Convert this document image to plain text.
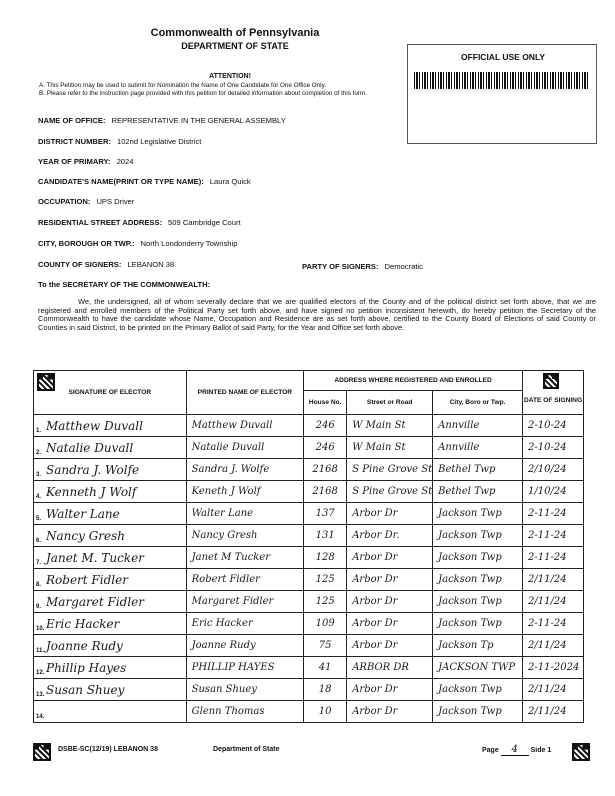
Commonwealth of Pennsylvania
DEPARTMENT OF STATE
OFFICIAL USE ONLY
ATTENTION!
A. This Petition may be used to submit for Nomination the Name of One Candidate for One Office Only.
B. Please refer to the instruction page provided with this petition for detailed information about completion of this form.
NAME OF OFFICE: REPRESENTATIVE IN THE GENERAL ASSEMBLY
DISTRICT NUMBER: 102nd Legislative District
YEAR OF PRIMARY: 2024
CANDIDATE'S NAME(PRINT OR TYPE NAME): Laura Quick
OCCUPATION: UPS Driver
RESIDENTIAL STREET ADDRESS: 509 Cambridge Court
CITY, BOROUGH OR TWP.: North Londonderry Township
COUNTY OF SIGNERS: LEBANON 38	PARTY OF SIGNERS: Democratic
To the SECRETARY OF THE COMMONWEALTH:
We, the undersigned, all of whom severally declare that we are qualified electors of the County and of the political district set forth above, that we are registered and enrolled members of the Political Party set forth above, and have signed no petition inconsistent herewith, do hereby petition the Secretary of the Commonwealth to have the candidate whose Name, Occupation and Residence are as set forth above, certified to the County Board of Elections of said County or Counties in said District, to be printed on the Primary Ballot of said Party, for the Year and Office set forth above.
SIGNATURE OF ELECTOR	PRINTED NAME OF ELECTOR	ADDRESS WHERE REGISTERED AND ENROLLED			DATE OF SIGNING

		House No.	Street or Road	City, Boro or Twp.	

1. Matthew Duvall	Matthew Duvall	246	W Main St	Annville	2-10-24

2. Natalie Duvall	Natalie Duvall	246	W Main St	Annville	2-10-24

3. Sandra J. Wolfe	Sandra J. Wolfe	2168	S Pine Grove St	Bethel Twp	2/10/24

4. Kenneth J Wolf	Keneth J Wolf	2168	S Pine Grove St	Bethel Twp	1/10/24

5. Walter Lane	Walter Lane	137	Arbor Dr	Jackson Twp	2-11-24

6. Nancy Gresh	Nancy Gresh	131	Arbor Dr.	Jackson Twp	2-11-24

7. Janet M. Tucker	Janet M Tucker	128	Arbor Dr	Jackson Twp	2-11-24

8. Robert Fidler	Robert Fidler	125	Arbor Dr	Jackson Twp	2/11/24

9. Margaret Fidler	Margaret Fidler	125	Arbor Dr	Jackson Twp	2/11/24

10. Eric Hacker	Eric Hacker	109	Arbor Dr	Jackson Twp	2-11-24

11. Joanne Rudy	Joanne Rudy	75	Arbor Dr	Jackson Tp	2/11/24

12. Phillip Hayes	PHILLIP HAYES	41	ARBOR DR	JACKSON TWP	2-11-2024

13. Susan Shuey	Susan Shuey	18	Arbor Dr	Jackson Twp	2/11/24

14.	Glenn Thomas	10	Arbor Dr	Jackson Twp	2/11/24
DSBE-SC(12/19) LEBANON 38	Department of State	Page 4 Side 1
